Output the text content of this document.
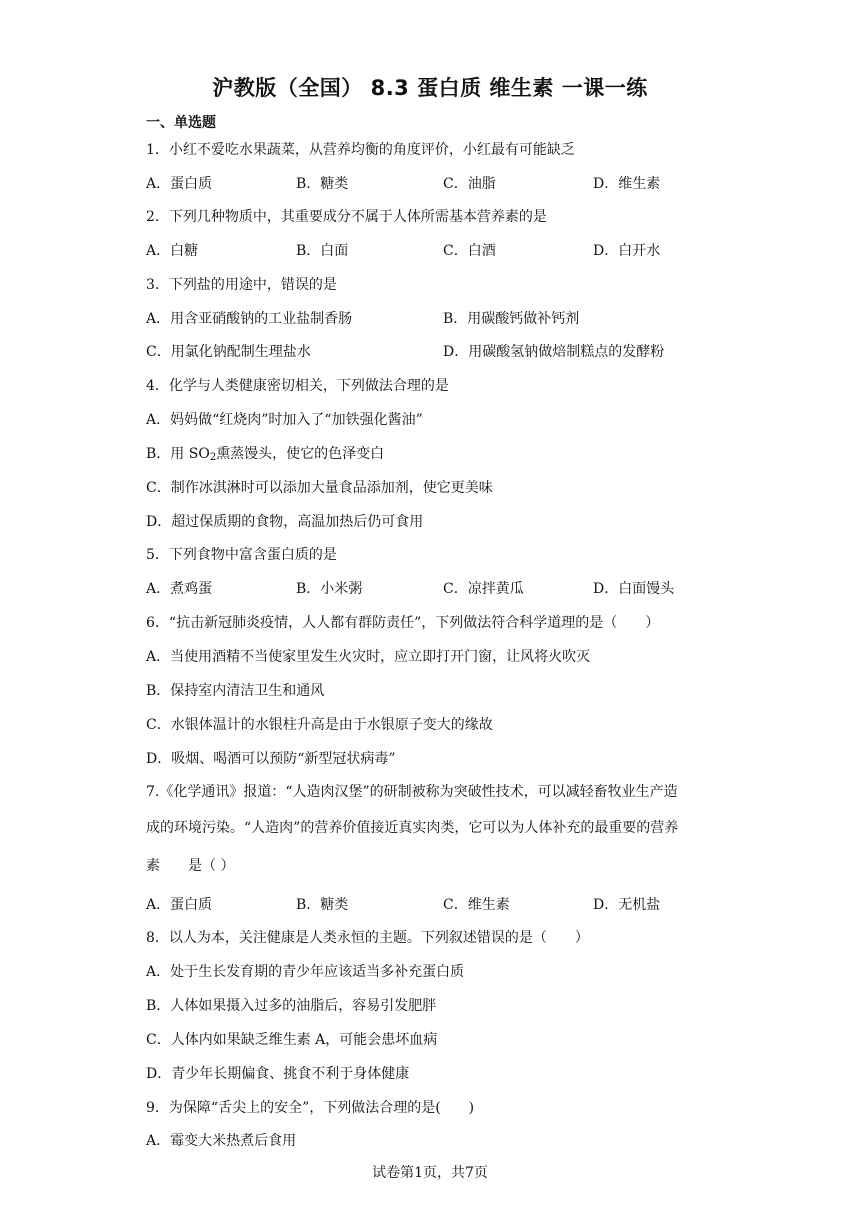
沪教版（全国） 8.3 蛋白质 维生素 一课一练
一、单选题
1．小红不爱吃水果蔬菜，从营养均衡的角度评价，小红最有可能缺乏
A．蛋白质	B．糖类	C．油脂	D．维生素
2．下列几种物质中，其重要成分不属于人体所需基本营养素的是
A．白糖	B．白面	C．白酒	D．白开水
3．下列盐的用途中，错误的是
A．用含亚硝酸钠的工业盐制香肠	B．用碳酸钙做补钙剂
C．用氯化钠配制生理盐水	D．用碳酸氢钠做焙制糕点的发酵粉
4．化学与人类健康密切相关，下列做法合理的是
A．妈妈做“红烧肉”时加入了“加铁强化酱油”
B．用 $SO_2$熏蒸馒头，使它的色泽变白
C．制作冰淇淋时可以添加大量食品添加剂，使它更美味
D．超过保质期的食物，高温加热后仍可食用
5．下列食物中富含蛋白质的是
A．煮鸡蛋	B．小米粥	C．凉拌黄瓜	D．白面馒头
6．“抗击新冠肺炎疫情，人人都有群防责任”，下列做法符合科学道理的是（　　）
A．当使用酒精不当使家里发生火灾时，应立即打开门窗，让风将火吹灭
B．保持室内清洁卫生和通风
C．水银体温计的水银柱升高是由于水银原子变大的缘故
D．吸烟、喝酒可以预防“新型冠状病毒”
7.《化学通讯》报道：“人造肉汉堡”的研制被称为突破性技术，可以减轻畜牧业生产造
成的环境污染。“人造肉”的营养价值接近真实肉类，它可以为人体补充的最重要的营养
素　　是（ ）
A．蛋白质	B．糖类	C．维生素	D．无机盐
8．以人为本，关注健康是人类永恒的主题。下列叙述错误的是（　　）
A．处于生长发育期的青少年应该适当多补充蛋白质
B．人体如果摄入过多的油脂后，容易引发肥胖
C．人体内如果缺乏维生素 A，可能会患坏血病
D．青少年长期偏食、挑食不利于身体健康
9．为保障“舌尖上的安全”，下列做法合理的是(　　)
A．霉变大米热煮后食用
试卷第1页，共7页
